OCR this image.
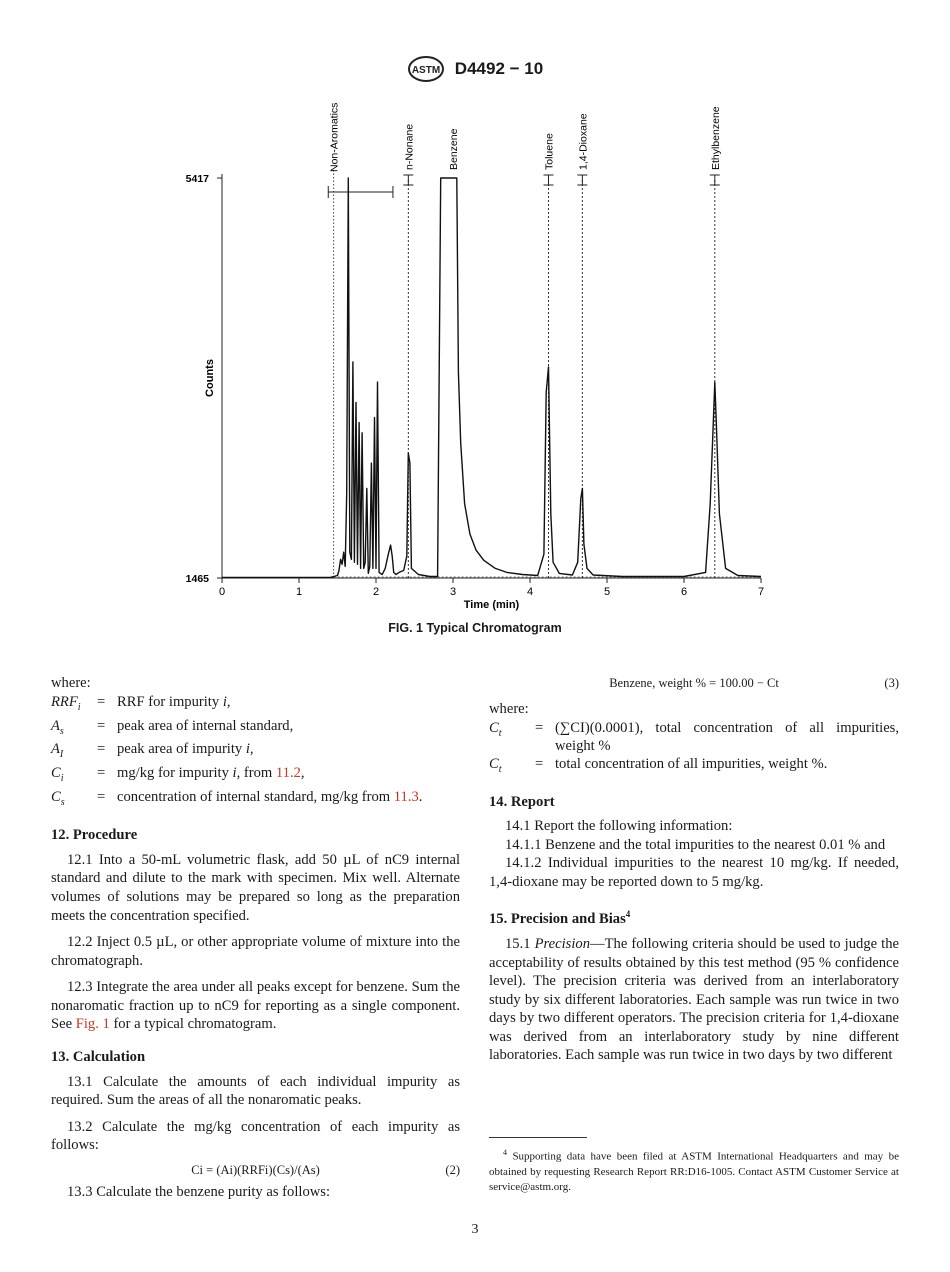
ASTM D4492 − 10
0	1	2	3	4	5	6	7
5417
1465
Time (min)
Counts
Non-Aromatics	n-Nonane	Benzene	Toluene 1,4-Dioxane	Ethylbenzene
FIG. 1 Typical Chromatogram

where:

$RRF_i$	=	RRF for impurity i,
$A_s$	=	peak area of internal standard,
$A_I$	=	peak area of impurity i,
$C_i$	=	mg/kg for impurity i, from 11.2,
$C_s$	=	concentration of internal standard, mg/kg from 11.3.

12. Procedure

12.1 Into a 50-mL volumetric flask, add 50 µL of nC9 internal standard and dilute to the mark with specimen. Mix well. Alternate volumes of solutions may be prepared so long as the preparation meets the concentration specified.

12.2 Inject 0.5 µL, or other appropriate volume of mixture into the chromatograph.

12.3 Integrate the area under all peaks except for benzene. Sum the nonaromatic fraction up to nC9 for reporting as a single component. See Fig. 1 for a typical chromatogram.

13. Calculation

13.1 Calculate the amounts of each individual impurity as required. Sum the areas of all the nonaromatic peaks.

13.2 Calculate the mg/kg concentration of each impurity as follows:

Ci = (Ai)(RRFi)(Cs)/(As)	(2)

13.3 Calculate the benzene purity as follows:

Benzene, weight % = 100.00 − Ct	(3)

where:

$C_t$	=	(∑CI)(0.0001), total concentration of all impurities, weight %
$C_t$	=	total concentration of all impurities, weight %.

14. Report

14.1 Report the following information:

14.1.1 Benzene and the total impurities to the nearest 0.01 % and

14.1.2 Individual impurities to the nearest 10 mg/kg. If needed, 1,4-dioxane may be reported down to 5 mg/kg.

15. Precision and Bias$^4$

15.1 Precision—The following criteria should be used to judge the acceptability of results obtained by this test method (95 % confidence level). The precision criteria was derived from an interlaboratory study by six different laboratories. Each sample was run twice in two days by two different operators. The precision criteria for 1,4-dioxane was derived from an interlaboratory study by nine different laboratories. Each sample was run twice in two days by two different

$^4$ Supporting data have been filed at ASTM International Headquarters and may be obtained by requesting Research Report RR:D16-1005. Contact ASTM Customer Service at service@astm.org.
3
